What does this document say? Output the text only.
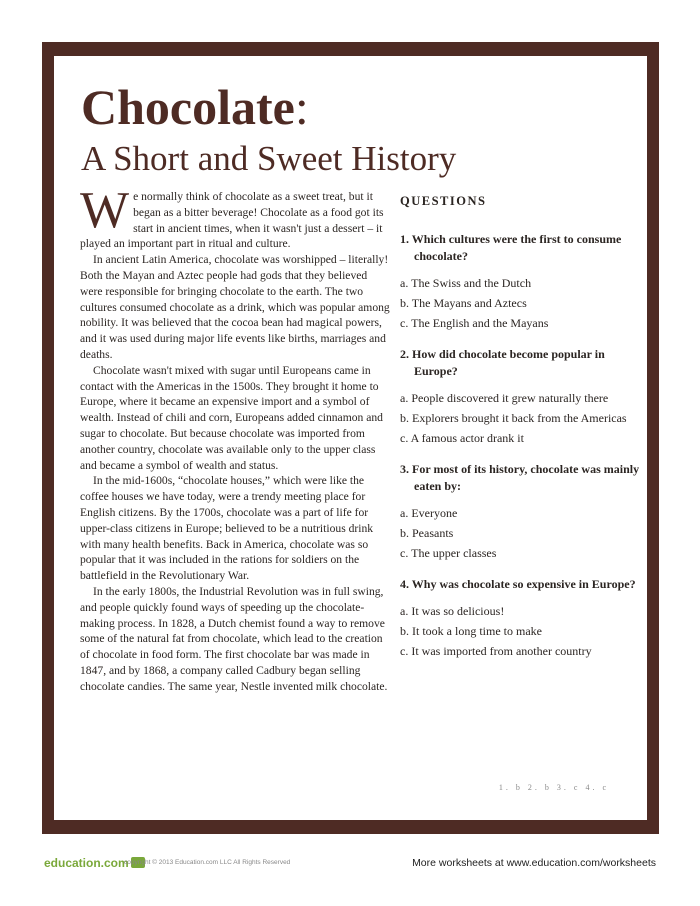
Chocolate:
A Short and Sweet History

We normally think of chocolate as a sweet treat, but it began as a bitter beverage! Chocolate as a food got its start in ancient times, when it wasn't just a dessert – it played an important part in ritual and culture.

In ancient Latin America, chocolate was worshipped – literally! Both the Mayan and Aztec people had gods that they believed were responsible for bringing chocolate to the earth. The two cultures consumed chocolate as a drink, which was popular among nobility. It was believed that the cocoa bean had magical powers, and it was used during major life events like births, marriages and deaths.

Chocolate wasn't mixed with sugar until Europeans came in contact with the Americas in the 1500s. They brought it home to Europe, where it became an expensive import and a symbol of wealth. Instead of chili and corn, Europeans added cinnamon and sugar to chocolate. But because chocolate was imported from another country, chocolate was available only to the upper class and became a symbol of wealth and status.

In the mid-1600s, “chocolate houses,” which were like the coffee houses we have today, were a trendy meeting place for English citizens. By the 1700s, chocolate was a part of life for upper-class citizens in Europe; believed to be a nutritious drink with many health benefits. Back in America, chocolate was so popular that it was included in the rations for soldiers on the battlefield in the Revolutionary War.

In the early 1800s, the Industrial Revolution was in full swing, and people quickly found ways of speeding up the chocolate-making process. In 1828, a Dutch chemist found a way to remove some of the natural fat from chocolate, which lead to the creation of chocolate in food form. The first chocolate bar was made in 1847, and by 1868, a company called Cadbury began selling chocolate candies. The same year, Nestle invented milk chocolate.

QUESTIONS
1. Which cultures were the first to consume chocolate?
a. The Swiss and the Dutch
b. The Mayans and Aztecs
c. The English and the Mayans
2. How did chocolate become popular in Europe?
a. People discovered it grew naturally there
b. Explorers brought it back from the Americas
c. A famous actor drank it
3. For most of its history, chocolate was mainly eaten by:
a. Everyone
b. Peasants
c. The upper classes
4. Why was chocolate so expensive in Europe?
a. It was so delicious!
b. It took a long time to make
c. It was imported from another country
1. b 2. b 3. c 4. c
education.com
copyright © 2013 Education.com LLC All Rights Reserved	More worksheets at www.education.com/worksheets
